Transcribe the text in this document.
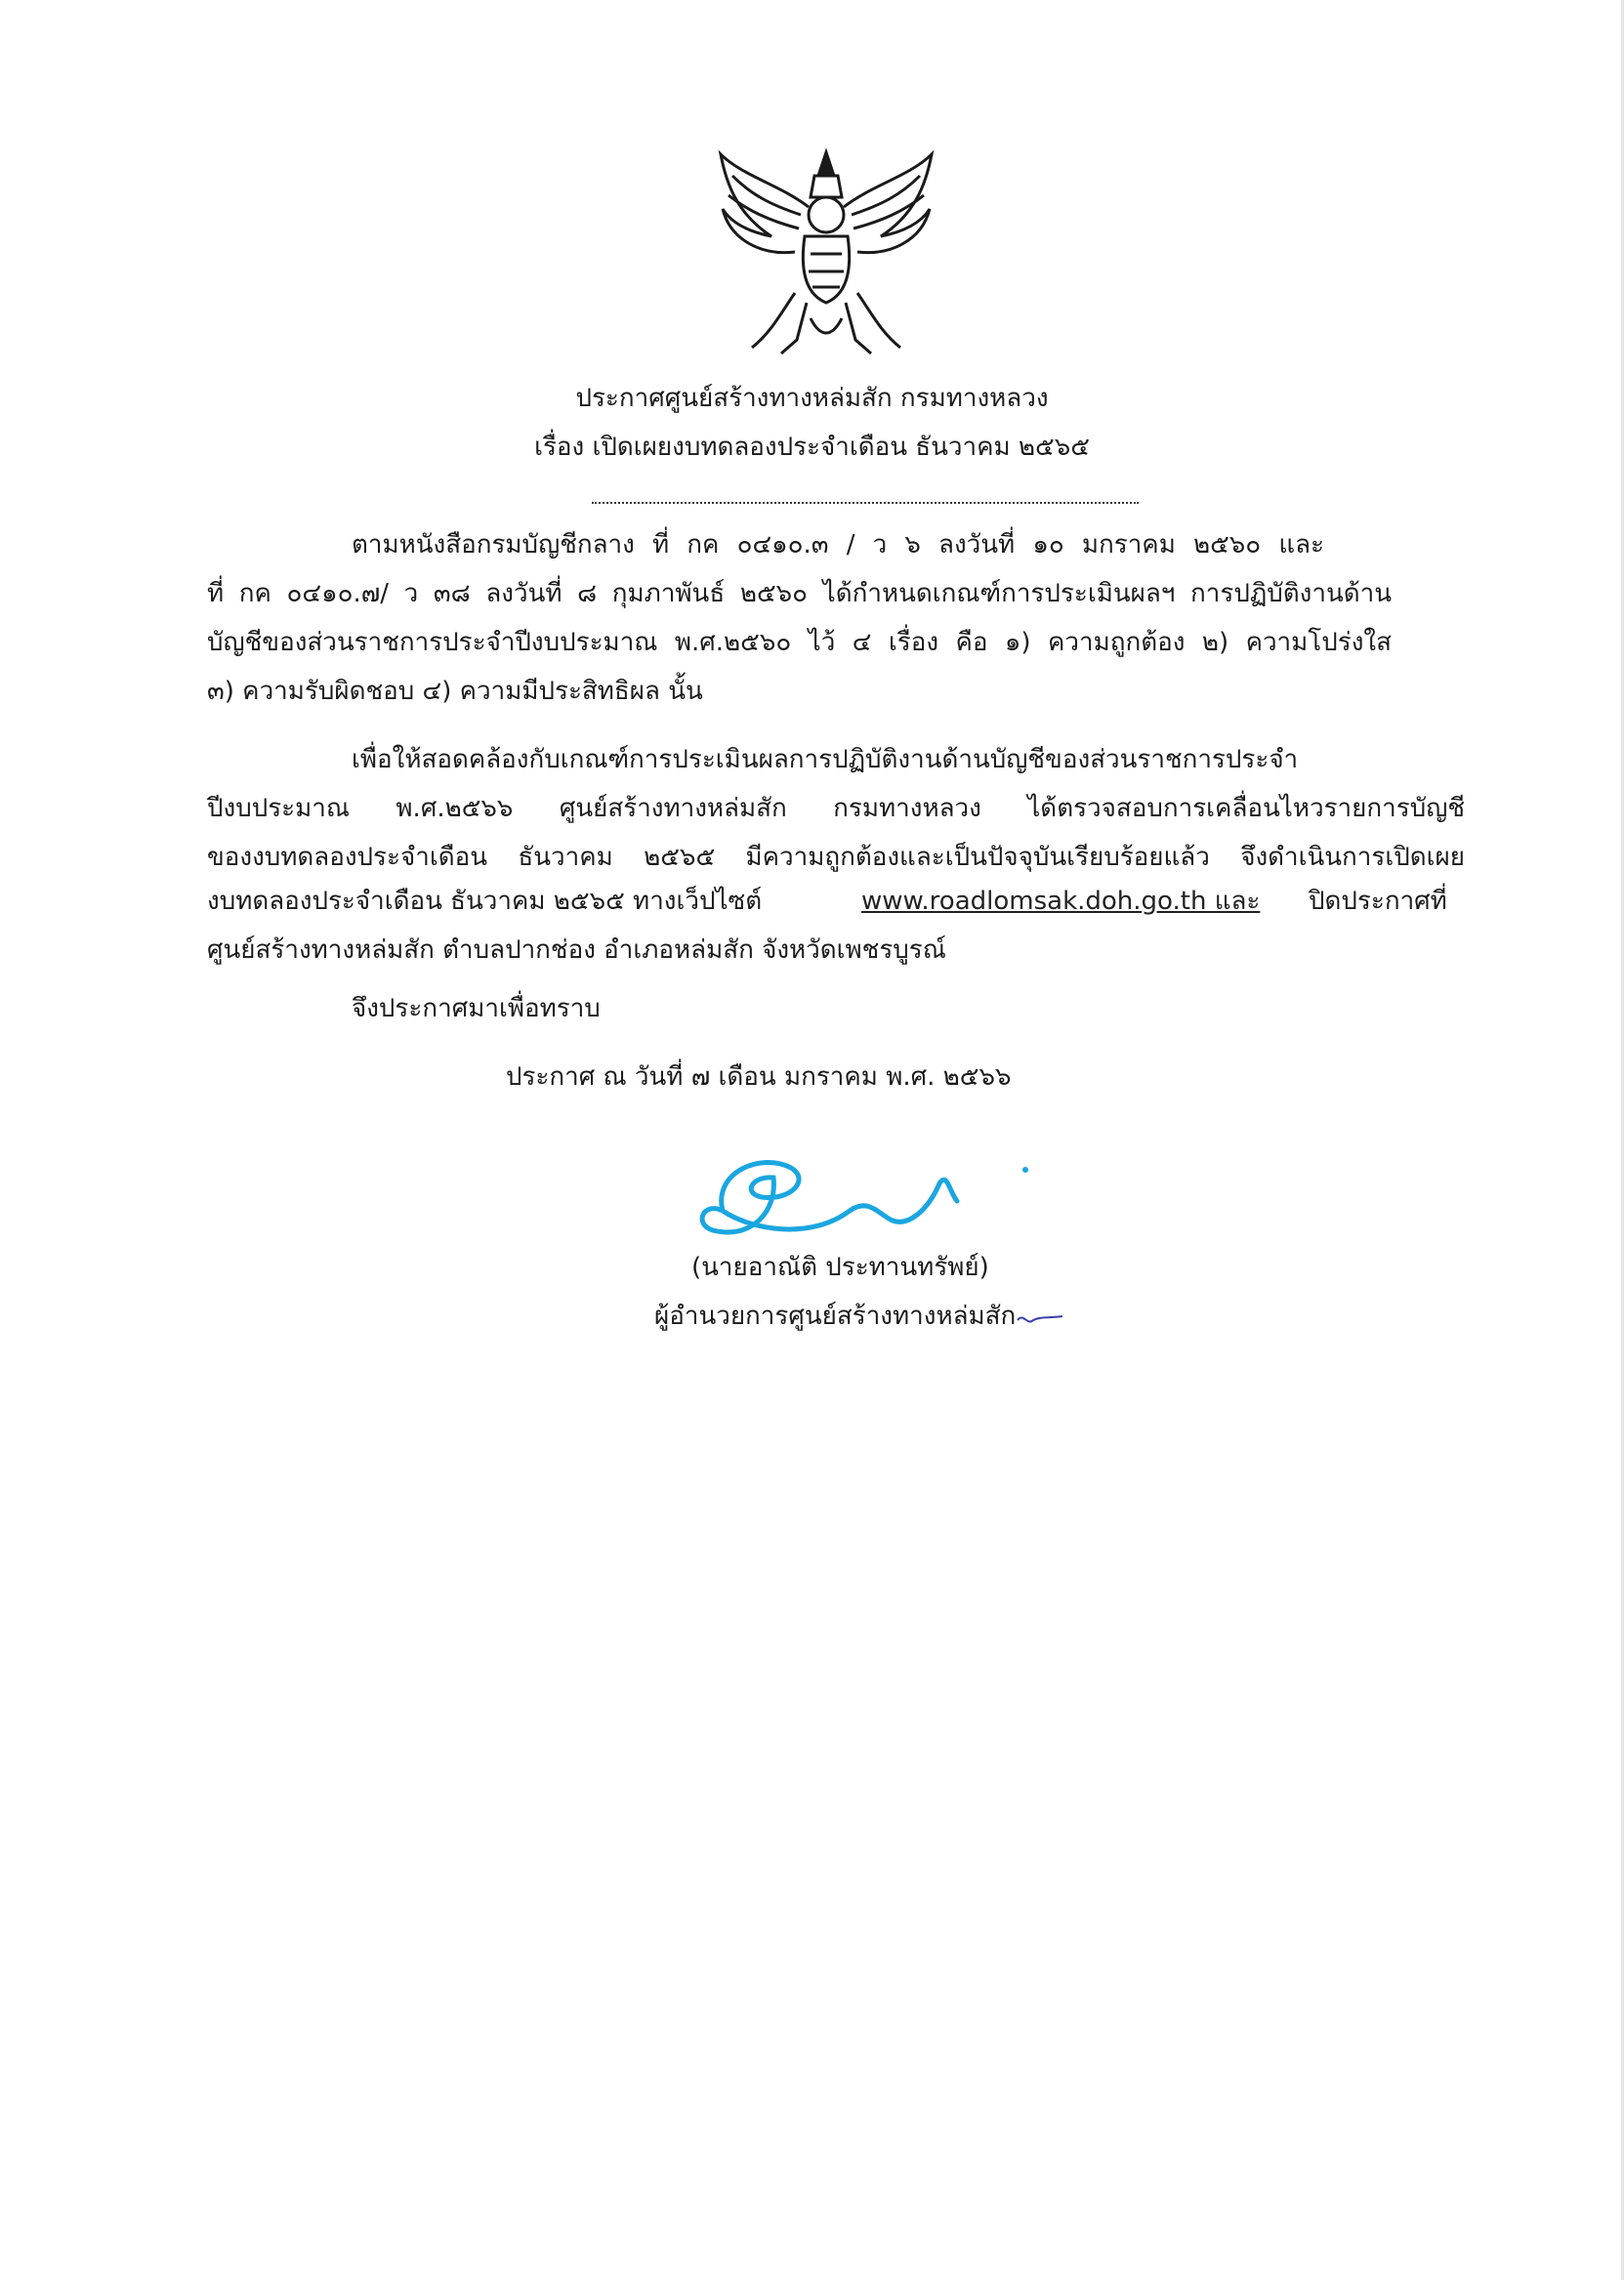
ประกาศศูนย์สร้างทางหล่มสัก กรมทางหลวง
เรื่อง เปิดเผยงบทดลองประจำเดือน ธันวาคม ๒๕๖๕
ตามหนังสือกรมบัญชีกลาง ที่ กค ๐๔๑๐.๓ / ว ๖ ลงวันที่ ๑๐ มกราคม ๒๕๖๐ และ
ที่ กค ๐๔๑๐.๗/ ว ๓๘ ลงวันที่ ๘ กุมภาพันธ์ ๒๕๖๐ ได้กำหนดเกณฑ์การประเมินผลฯ การปฏิบัติงานด้าน
บัญชีของส่วนราชการประจำปีงบประมาณ พ.ศ.๒๕๖๐ ไว้ ๔ เรื่อง คือ ๑) ความถูกต้อง ๒) ความโปร่งใส
๓) ความรับผิดชอบ ๔) ความมีประสิทธิผล นั้น
เพื่อให้สอดคล้องกับเกณฑ์การประเมินผลการปฏิบัติงานด้านบัญชีของส่วนราชการประจำ
ปีงบประมาณ พ.ศ.๒๕๖๖ ศูนย์สร้างทางหล่มสัก กรมทางหลวง ได้ตรวจสอบการเคลื่อนไหวรายการบัญชี
ของงบทดลองประจำเดือน ธันวาคม ๒๕๖๕ มีความถูกต้องและเป็นปัจจุบันเรียบร้อยแล้ว จึงดำเนินการเปิดเผย
งบทดลองประจำเดือน ธันวาคม ๒๕๖๕ ทางเว็ปไซต์	www.roadlomsak.doh.go.th และ ปิดประกาศที่
ศูนย์สร้างทางหล่มสัก ตำบลปากช่อง อำเภอหล่มสัก จังหวัดเพชรบูรณ์
จึงประกาศมาเพื่อทราบ
ประกาศ ณ วันที่ ๗ เดือน มกราคม พ.ศ. ๒๕๖๖
(นายอาณัติ ประทานทรัพย์)
ผู้อำนวยการศูนย์สร้างทางหล่มสัก
